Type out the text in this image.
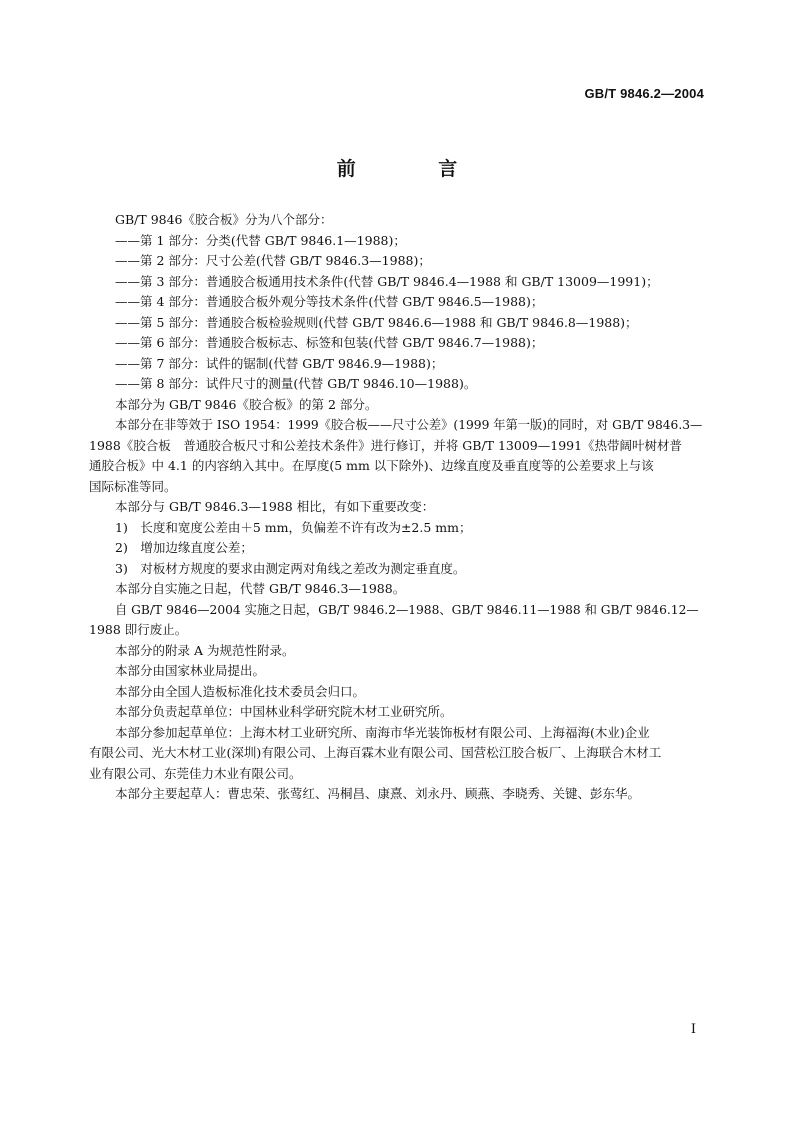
GB/T 9846.2—2004
前 言

GB/T 9846《胶合板》分为八个部分：

——第 1 部分：分类(代替 GB/T 9846.1—1988)；

——第 2 部分：尺寸公差(代替 GB/T 9846.3—1988)；

——第 3 部分：普通胶合板通用技术条件(代替 GB/T 9846.4—1988 和 GB/T 13009—1991)；

——第 4 部分：普通胶合板外观分等技术条件(代替 GB/T 9846.5—1988)；

——第 5 部分：普通胶合板检验规则(代替 GB/T 9846.6—1988 和 GB/T 9846.8—1988)；

——第 6 部分：普通胶合板标志、标签和包装(代替 GB/T 9846.7—1988)；

——第 7 部分：试件的锯制(代替 GB/T 9846.9—1988)；

——第 8 部分：试件尺寸的测量(代替 GB/T 9846.10—1988)。

本部分为 GB/T 9846《胶合板》的第 2 部分。

本部分在非等效于 ISO 1954：1999《胶合板——尺寸公差》(1999 年第一版)的同时，对 GB/T 9846.3—

1988《胶合板　普通胶合板尺寸和公差技术条件》进行修订，并将 GB/T 13009—1991《热带阔叶树材普

通胶合板》中 4.1 的内容纳入其中。在厚度(5 mm 以下除外)、边缘直度及垂直度等的公差要求上与该

国际标准等同。

本部分与 GB/T 9846.3—1988 相比，有如下重要改变：

1)　长度和宽度公差由＋5 mm，负偏差不许有改为±2.5 mm；

2)　增加边缘直度公差；

3)　对板材方规度的要求由测定两对角线之差改为测定垂直度。

本部分自实施之日起，代替 GB/T 9846.3—1988。

自 GB/T 9846—2004 实施之日起，GB/T 9846.2—1988、GB/T 9846.11—1988 和 GB/T 9846.12—

1988 即行废止。

本部分的附录 A 为规范性附录。

本部分由国家林业局提出。

本部分由全国人造板标准化技术委员会归口。

本部分负责起草单位：中国林业科学研究院木材工业研究所。

本部分参加起草单位：上海木材工业研究所、南海市华光装饰板材有限公司、上海福海(木业)企业

有限公司、光大木材工业(深圳)有限公司、上海百霖木业有限公司、国营松江胶合板厂、上海联合木材工

业有限公司、东莞佳力木业有限公司。

本部分主要起草人：曹忠荣、张莺红、冯桐昌、康熹、刘永丹、顾燕、李晓秀、关键、彭东华。

I
